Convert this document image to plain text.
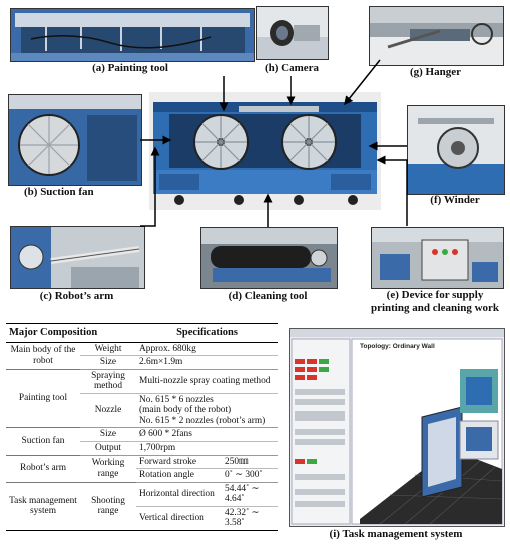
(a) Painting tool	(h) Camera	(g) Hanger
(b) Suction fan
(c) Robot’s arm
(f) Winder
(e) Device for supply
printing and cleaning work
(d) Cleaning tool
Major Composition		Specifications	
Main body of the robot	Weight	Approx. 680kg	
	Size	2.6m×1.9m	
Painting tool	Spraying method	Multi-nozzle spray coating method	
	Nozzle	No. 615 * 6 nozzles
(main body of the robot)
No. 615 * 2 nozzles (robot’s arm)	

Suction fan	Size	Ø 600 * 2fans	
	Output	1,700rpm	
Robot’s arm	Working range	Forward stroke	250㎜
		Rotation angle	0˚ ∼ 300˚
Task management system	Shooting range	Horizontal direction	54.44˚ ∼ 4.64˚
		Vertical direction	42.32˚ ∼ 3.58˚
Topology: Ordinary Wall
(i) Task management system
